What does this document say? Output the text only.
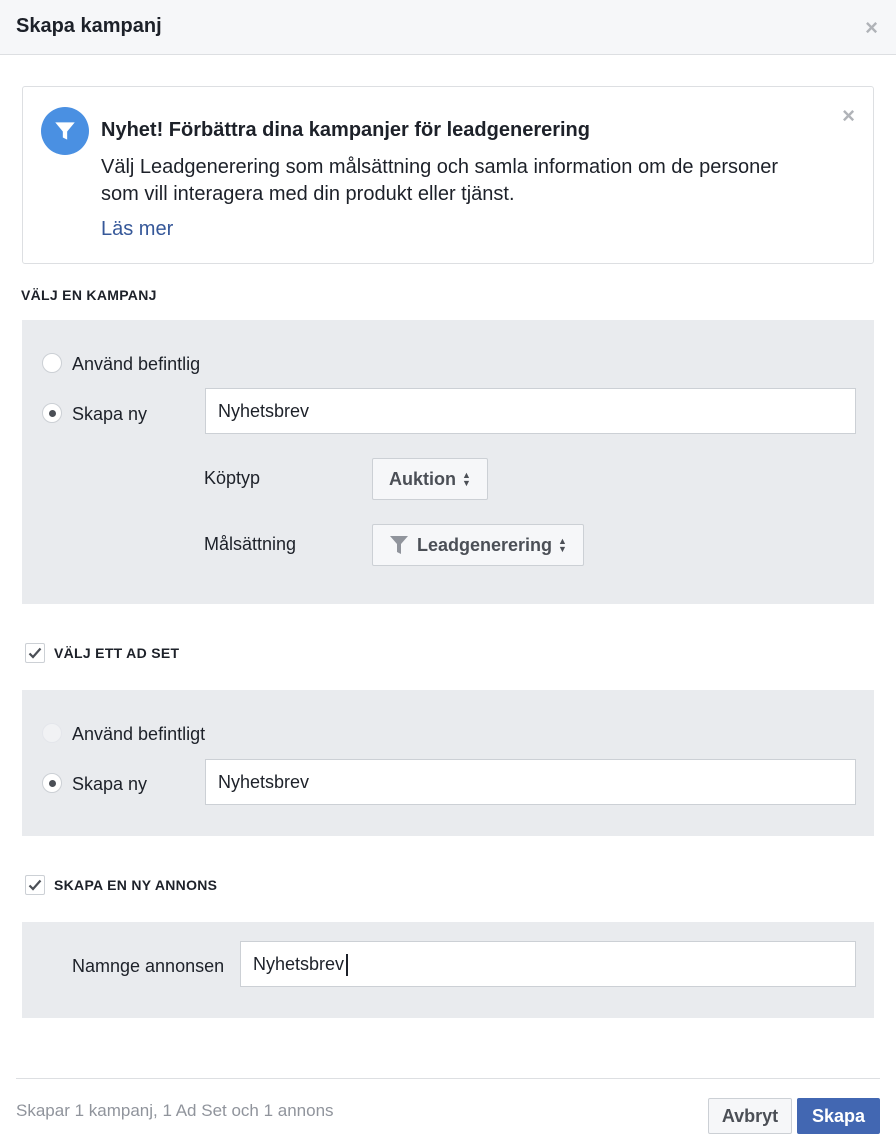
Skapa kampanj	×
×
Nyhet! Förbättra dina kampanjer för leadgenerering
Välj Leadgenerering som målsättning och samla information om de personer som vill interagera med din produkt eller tjänst.
Läs mer
VÄLJ EN KAMPANJ
Använd befintlig
Skapa ny	Nyhetsbrev
Köptyp	Auktion ▲
▼
Målsättning	Leadgenerering ▲
▼
VÄLJ ETT AD SET
Använd befintligt
Skapa ny	Nyhetsbrev
SKAPA EN NY ANNONS
Namnge annonsen	Nyhetsbrev
Skapar 1 kampanj, 1 Ad Set och 1 annons	Avbryt	Skapa
